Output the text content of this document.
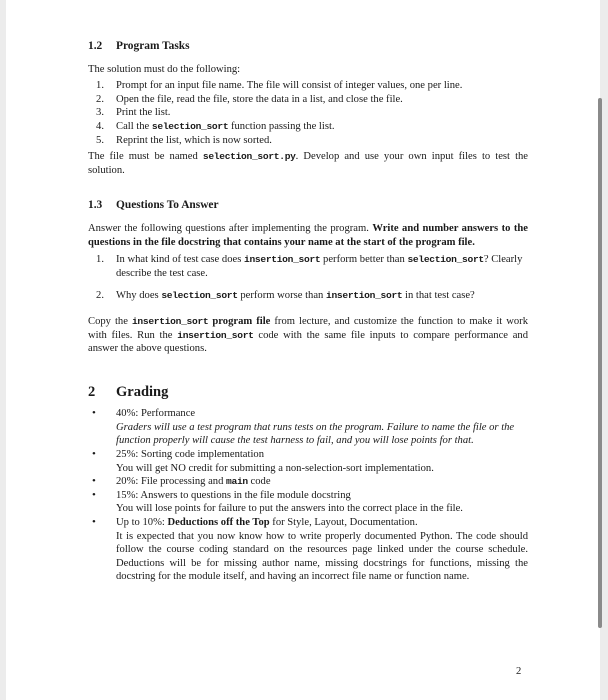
1.2 Program Tasks

The solution must do the following:

1. Prompt for an input file name. The file will consist of integer values, one per line.
2. Open the file, read the file, store the data in a list, and close the file.
3. Print the list.
4. Call the selection_sort function passing the list.
5. Reprint the list, which is now sorted.

The file must be named selection_sort.py. Develop and use your own input files to test the solution.

1.3 Questions To Answer

Answer the following questions after implementing the program. Write and number answers to the questions in the file docstring that contains your name at the start of the program file.

1. In what kind of test case does insertion_sort perform better than selection_sort? Clearly describe the test case.
2. Why does selection_sort perform worse than insertion_sort in that test case?

Copy the insertion_sort program file from lecture, and customize the function to make it work with files. Run the insertion_sort code with the same file inputs to compare performance and answer the above questions.

2 Grading
• 40%: Performance
Graders will use a test program that runs tests on the program. Failure to name the file or the function properly will cause the test harness to fail, and you will lose points for that.
• 25%: Sorting code implementation
You will get NO credit for submitting a non-selection-sort implementation.
• 20%: File processing and main code
• 15%: Answers to questions in the file module docstring
You will lose points for failure to put the answers into the correct place in the file.
• Up to 10%: Deductions off the Top for Style, Layout, Documentation.

It is expected that you now know how to write properly documented Python. The code should follow the course coding standard on the resources page linked under the course schedule. Deductions will be for missing author name, missing docstrings for functions, missing the docstring for the module itself, and having an incorrect file name or function name.
2
